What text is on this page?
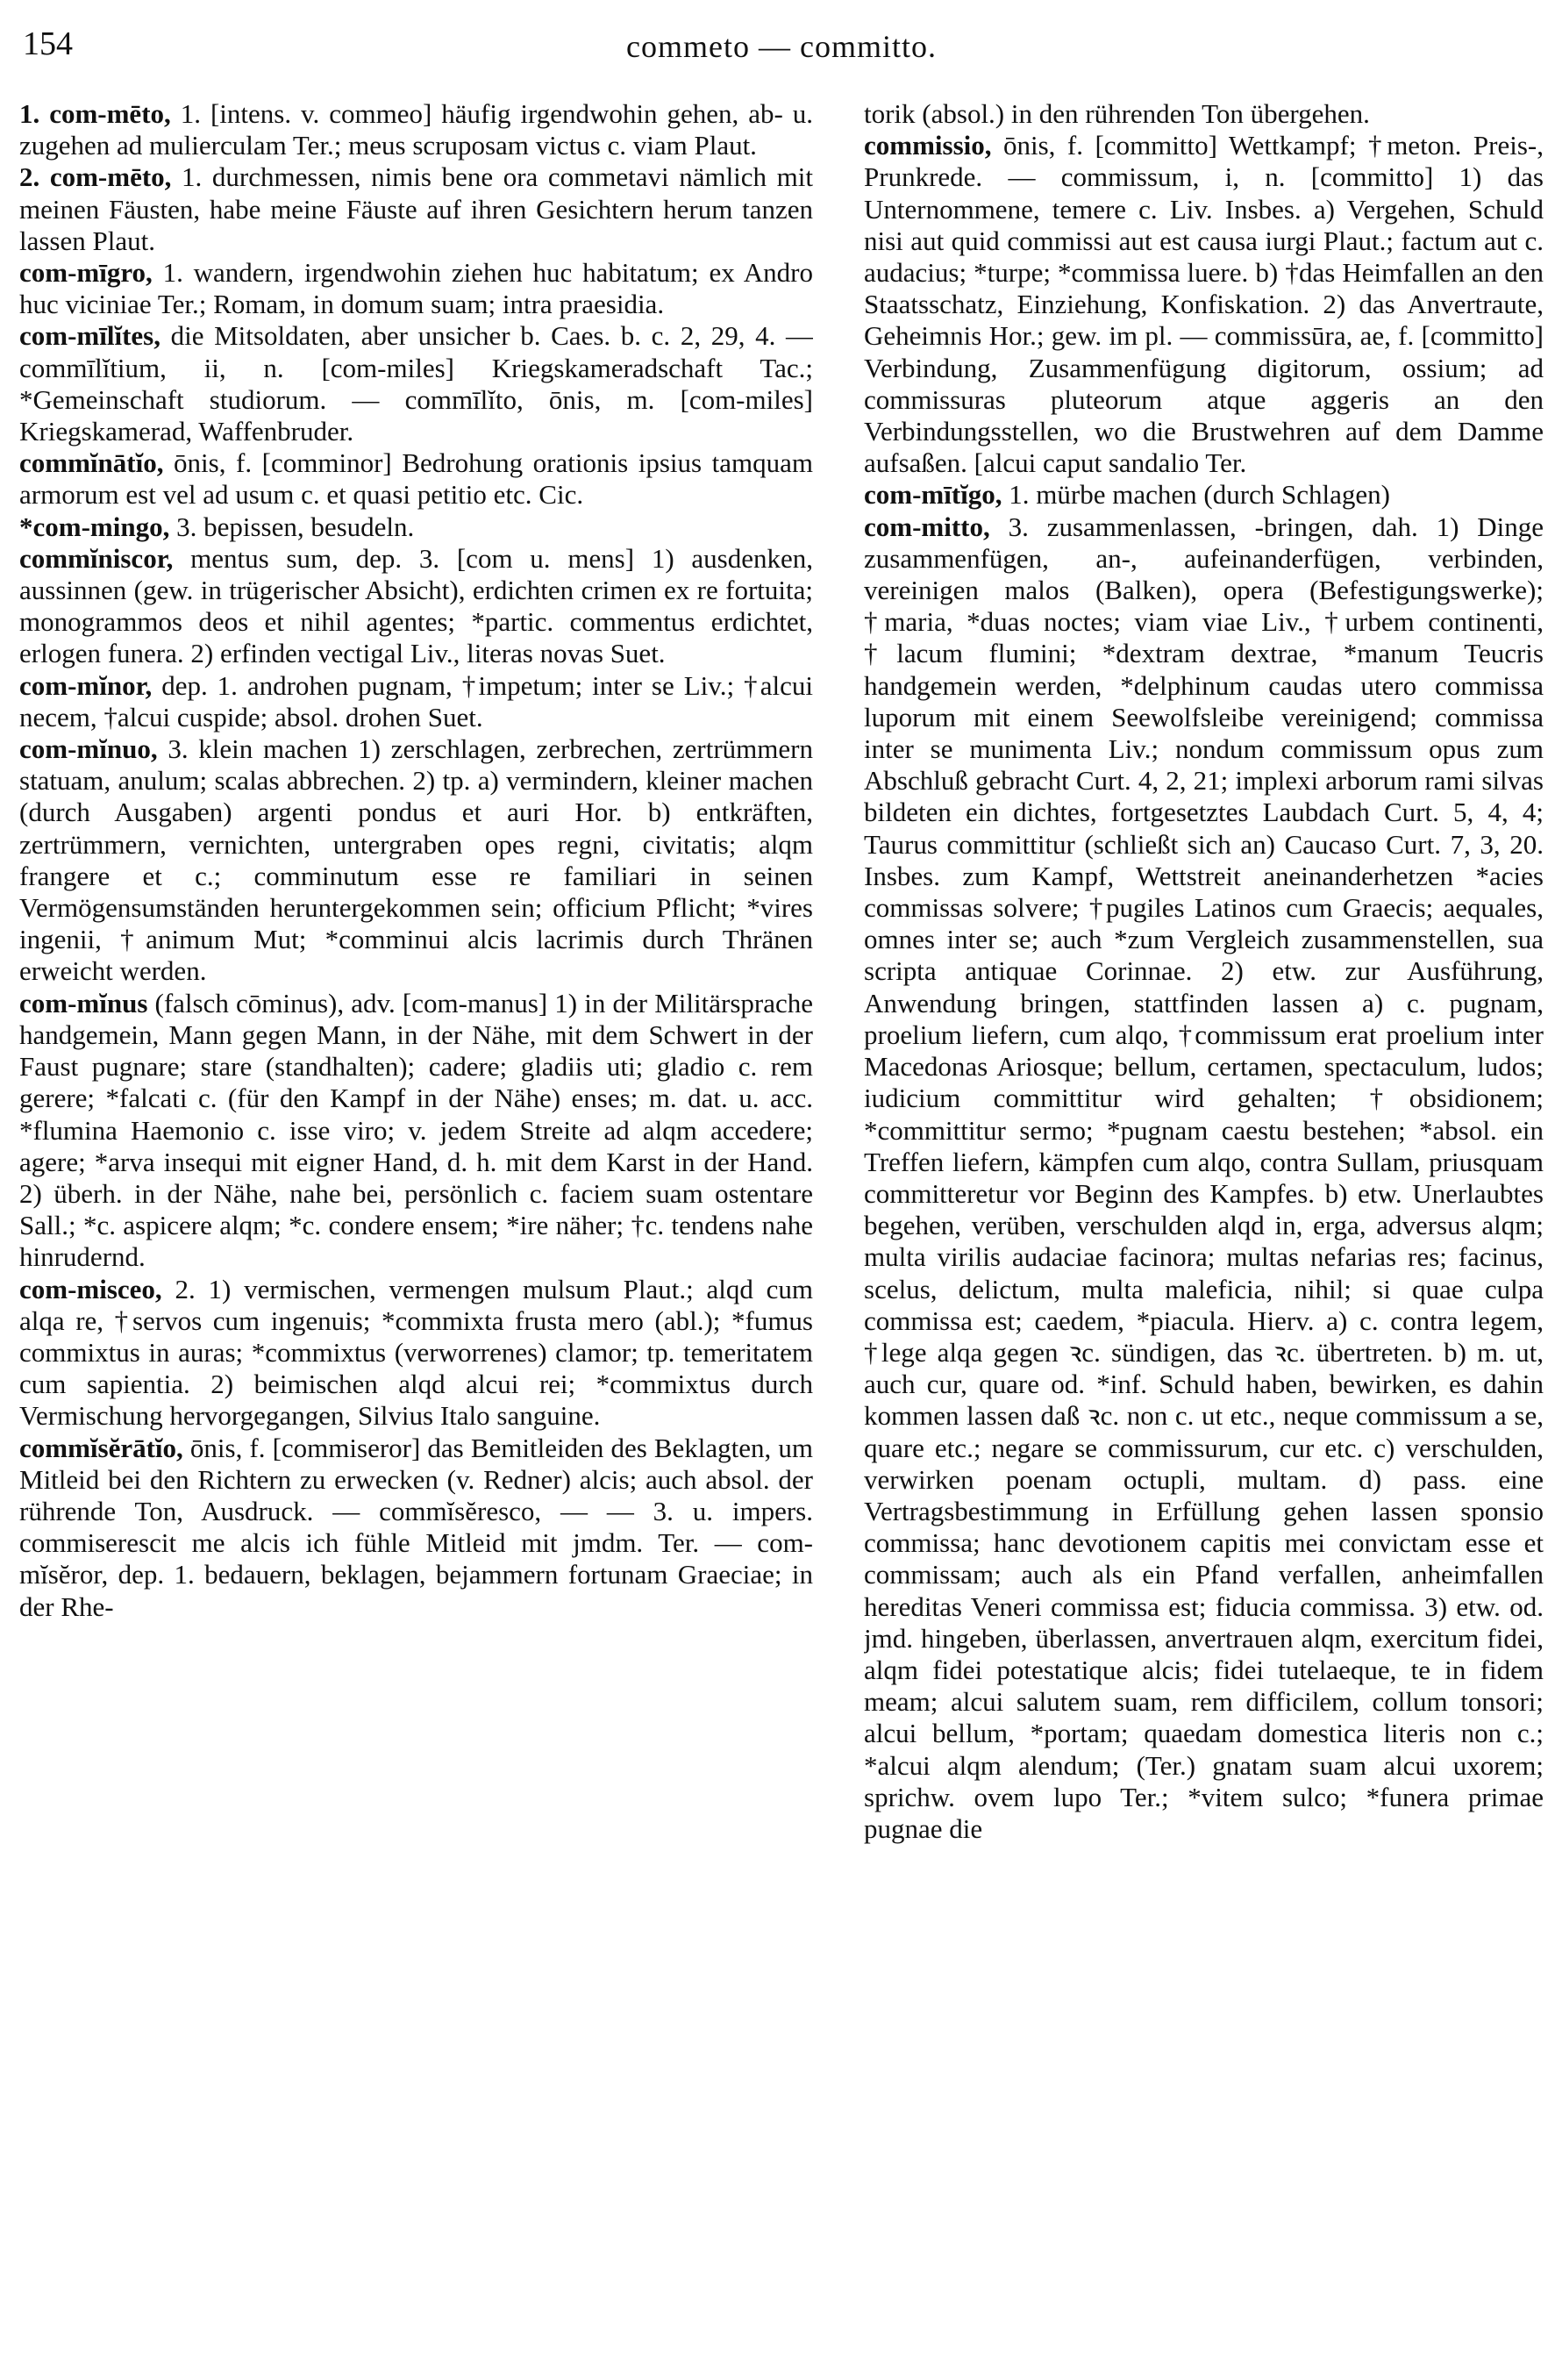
154	commeto — committo.

1. com-mēto, 1. [intens. v. commeo] häufig irgendwohin gehen, ab- u. zugehen ad mulierculam Ter.; meus scruposam victus c. viam Plaut.

2. com-mēto, 1. durchmessen, nimis bene ora commetavi nämlich mit meinen Fäusten, habe meine Fäuste auf ihren Gesichtern herum tanzen lassen Plaut.

com-mīgro, 1. wandern, irgendwohin ziehen huc habitatum; ex Andro huc viciniae Ter.; Romam, in domum suam; intra praesidia.

com-mīlĭtes, die Mitsoldaten, aber unsicher b. Caes. b. c. 2, 29, 4. — commīlĭtium, ii, n. [com-miles] Kriegskameradschaft Tac.; *Gemeinschaft studiorum. — commīlĭto, ōnis, m. [com-miles] Kriegskamerad, Waffenbruder.

commĭnātĭo, ōnis, f. [comminor] Bedrohung orationis ipsius tamquam armorum est vel ad usum c. et quasi petitio etc. Cic.

*com-mingo, 3. bepissen, besudeln.

commĭniscor, mentus sum, dep. 3. [com u. mens] 1) ausdenken, aussinnen (gew. in trügerischer Absicht), erdichten crimen ex re fortuita; monogrammos deos et nihil agentes; *partic. commentus erdichtet, erlogen funera. 2) erfinden vectigal Liv., literas novas Suet.

com-mĭnor, dep. 1. androhen pugnam, †impetum; inter se Liv.; †alcui necem, †alcui cuspide; absol. drohen Suet.

com-mĭnuo, 3. klein machen 1) zerschlagen, zerbrechen, zertrümmern statuam, anulum; scalas abbrechen. 2) tp. a) vermindern, kleiner machen (durch Ausgaben) argenti pondus et auri Hor. b) entkräften, zertrümmern, vernichten, untergraben opes regni, civitatis; alqm frangere et c.; comminutum esse re familiari in seinen Vermögensumständen heruntergekommen sein; officium Pflicht; *vires ingenii, †animum Mut; *comminui alcis lacrimis durch Thränen erweicht werden.

com-mĭnus (falsch cōminus), adv. [com-manus] 1) in der Militärsprache handgemein, Mann gegen Mann, in der Nähe, mit dem Schwert in der Faust pugnare; stare (standhalten); cadere; gladiis uti; gladio c. rem gerere; *falcati c. (für den Kampf in der Nähe) enses; m. dat. u. acc. *flumina Haemonio c. isse viro; v. jedem Streite ad alqm accedere; agere; *arva insequi mit eigner Hand, d. h. mit dem Karst in der Hand. 2) überh. in der Nähe, nahe bei, persönlich c. faciem suam ostentare Sall.; *c. aspicere alqm; *c. condere ensem; *ire näher; †c. tendens nahe hinrudernd.

com-misceo, 2. 1) vermischen, vermengen mulsum Plaut.; alqd cum alqa re, †servos cum ingenuis; *commixta frusta mero (abl.); *fumus commixtus in auras; *commixtus (verworrenes) clamor; tp. temeritatem cum sapientia. 2) beimischen alqd alcui rei; *commixtus durch Vermischung hervorgegangen, Silvius Italo sanguine.

commĭsĕrātĭo, ōnis, f. [commiseror] das Bemitleiden des Beklagten, um Mitleid bei den Richtern zu erwecken (v. Redner) alcis; auch absol. der rührende Ton, Ausdruck. — commĭsĕresco, — — 3. u. impers. commiserescit me alcis ich fühle Mitleid mit jmdm. Ter. — com-mĭsĕror, dep. 1. bedauern, beklagen, bejammern fortunam Graeciae; in der Rhe-

torik (absol.) in den rührenden Ton übergehen.

commissio, ōnis, f. [committo] Wettkampf; †meton. Preis-, Prunkrede. — commissum, i, n. [committo] 1) das Unternommene, temere c. Liv. Insbes. a) Vergehen, Schuld nisi aut quid commissi aut est causa iurgi Plaut.; factum aut c. audacius; *turpe; *commissa luere. b) †das Heimfallen an den Staatsschatz, Einziehung, Konfiskation. 2) das Anvertraute, Geheimnis Hor.; gew. im pl. — commissūra, ae, f. [committo] Verbindung, Zusammenfügung digitorum, ossium; ad commissuras pluteorum atque aggeris an den Verbindungsstellen, wo die Brustwehren auf dem Damme aufsaßen. [alcui caput sandalio Ter.

com-mītĭgo, 1. mürbe machen (durch Schlagen)

com-mitto, 3. zusammenlassen, -bringen, dah. 1) Dinge zusammenfügen, an-, aufeinanderfügen, verbinden, vereinigen malos (Balken), opera (Befestigungswerke); †maria, *duas noctes; viam viae Liv., †urbem continenti, †lacum flumini; *dextram dextrae, *manum Teucris handgemein werden, *delphinum caudas utero commissa luporum mit einem Seewolfsleibe vereinigend; commissa inter se munimenta Liv.; nondum commissum opus zum Abschluß gebracht Curt. 4, 2, 21; implexi arborum rami silvas bildeten ein dichtes, fortgesetztes Laubdach Curt. 5, 4, 4; Taurus committitur (schließt sich an) Caucaso Curt. 7, 3, 20. Insbes. zum Kampf, Wettstreit aneinanderhetzen *acies commissas solvere; †pugiles Latinos cum Graecis; aequales, omnes inter se; auch *zum Vergleich zusammenstellen, sua scripta antiquae Corinnae. 2) etw. zur Ausführung, Anwendung bringen, stattfinden lassen a) c. pugnam, proelium liefern, cum alqo, †commissum erat proelium inter Macedonas Ariosque; bellum, certamen, spectaculum, ludos; iudicium committitur wird gehalten; †obsidionem; *committitur sermo; *pugnam caestu bestehen; *absol. ein Treffen liefern, kämpfen cum alqo, contra Sullam, priusquam committeretur vor Beginn des Kampfes. b) etw. Unerlaubtes begehen, verüben, verschulden alqd in, erga, adversus alqm; multa virilis audaciae facinora; multas nefarias res; facinus, scelus, delictum, multa maleficia, nihil; si quae culpa commissa est; caedem, *piacula. Hierv. a) c. contra legem, †lege alqa gegen ꝛc. sündigen, das ꝛc. übertreten. b) m. ut, auch cur, quare od. *inf. Schuld haben, bewirken, es dahin kommen lassen daß ꝛc. non c. ut etc., neque commissum a se, quare etc.; negare se commissurum, cur etc. c) verschulden, verwirken poenam octupli, multam. d) pass. eine Vertragsbestimmung in Erfüllung gehen lassen sponsio commissa; hanc devotionem capitis mei convictam esse et commissam; auch als ein Pfand verfallen, anheimfallen hereditas Veneri commissa est; fiducia commissa. 3) etw. od. jmd. hingeben, überlassen, anvertrauen alqm, exercitum fidei, alqm fidei potestatique alcis; fidei tutelaeque, te in fidem meam; alcui salutem suam, rem difficilem, collum tonsori; alcui bellum, *portam; quaedam domestica literis non c.; *alcui alqm alendum; (Ter.) gnatam suam alcui uxorem; sprichw. ovem lupo Ter.; *vitem sulco; *funera primae pugnae die
